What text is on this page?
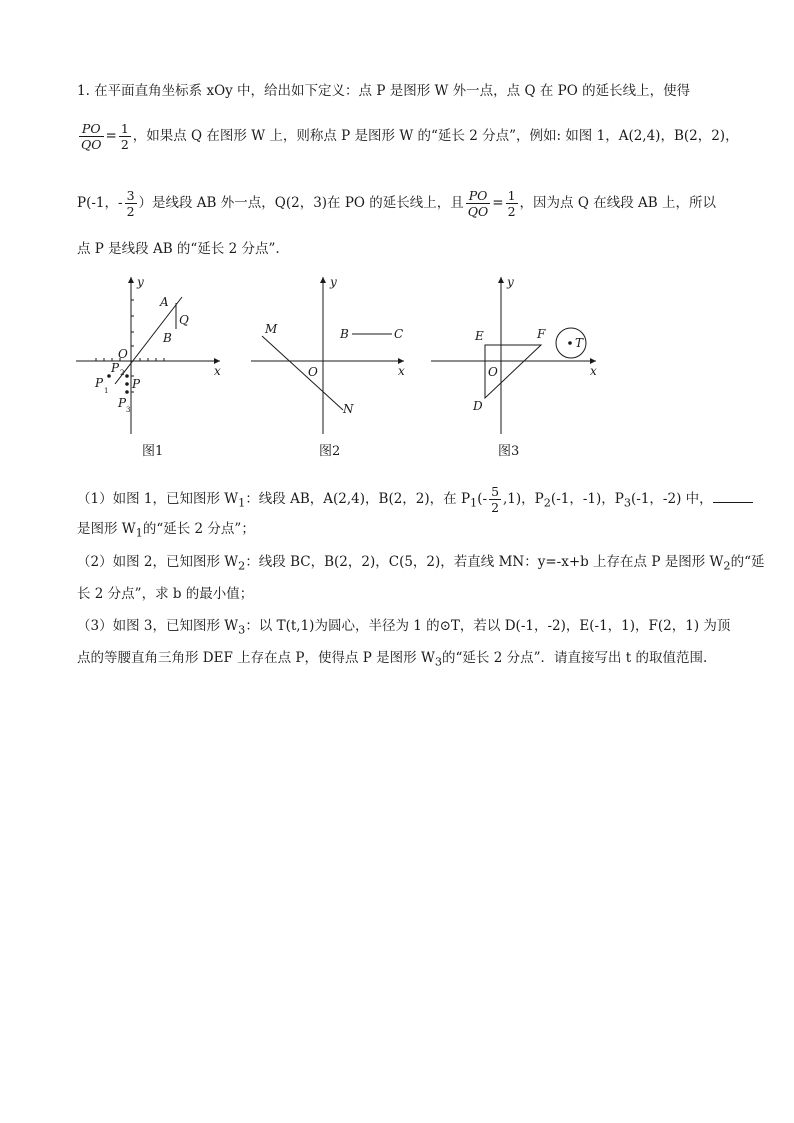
1. 在平面直角坐标系 xOy 中，给出如下定义：点 P 是图形 W 外一点，点 Q 在 PO 的延长线上，使得
$\frac{PO}{QO} = \frac{1}{2}$ ，如果点 Q 在图形 W 上，则称点 P 是图形 W 的“延长 2 分点”，例如: 如图 1，A(2,4)，B(2，2)，
P(-1，- $\frac{3}{2}$ ）是线段 AB 外一点，Q(2，3)在 PO 的延长线上，且 $\frac{PO}{QO} = \frac{1}{2}$ ，因为点 Q 在线段 AB 上，所以
点 P 是线段 AB 的“延长 2 分点”.
y
x
A
Q
B
O
P 2
P
1 P
P 3
图1
y
x
M	B	C
O
N
图2
y
x
E	F
T
O
D
图3
（1）如图 1，已知图形 $W_1$：线段 AB，A(2,4)，B(2，2)，在 $P_1(- \frac{5}{2} ,1)$，$P_2(-1$，-1)，$P_3(-1$，-2) 中，
是图形 $W_1$的“延长 2 分点”；
（2）如图 2，已知图形 $W_2$：线段 BC，B(2，2)，C(5，2)，若直线 MN：y=-x+b 上存在点 P 是图形 $W_2$的“延
长 2 分点”，求 b 的最小值；
（3）如图 3，已知图形 $W_3$：以 T(t,1)为圆心，半径为 1 的⊙T，若以 D(-1，-2)，E(-1，1)，F(2，1) 为顶
点的等腰直角三角形 DEF 上存在点 P，使得点 P 是图形 $W_3$的“延长 2 分点”．请直接写出 t 的取值范围.
